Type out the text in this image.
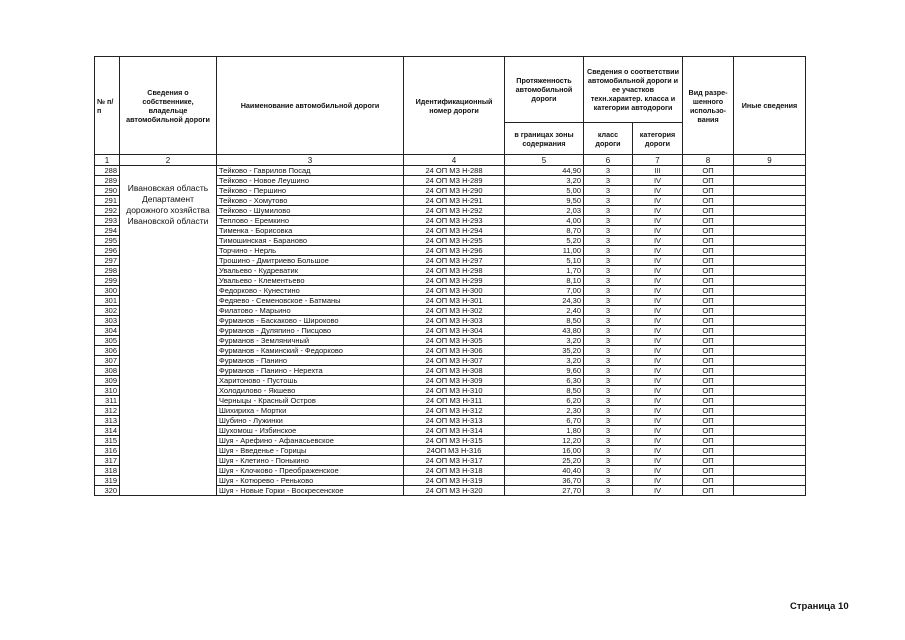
№ п/п	Сведения о собственнике, владельце автомобильной дороги	Наименование автомобильной дороги	Идентификационный номер дороги	Протяженность автомобильной дороги	Сведения о соответствии автомобильной дороги и ее участков техн.характер. класса и категории автодороги		Вид разре-шенного использо-вания	Иные сведения
				в границах зоны содержания	класс дороги	категория дороги		
1	2	3	4	5	6	7	8	9
288	Ивановская область Департамент дорожного хозяйства Ивановской области	Тейково - Гаврилов Посад	24 ОП МЗ Н-288	44,90	3	III	ОП	
289		Тейково - Новое Леушино	24 ОП МЗ Н-289	3,20	3	IV	ОП	
290		Тейково - Першино	24 ОП МЗ Н-290	5,00	3	IV	ОП	
291		Тейково - Хомутово	24 ОП МЗ Н-291	9,50	3	IV	ОП	
292		Тейково - Шумилово	24 ОП МЗ Н-292	2,03	3	IV	ОП	
293		Теплово - Еремкино	24 ОП МЗ Н-293	4,00	3	IV	ОП	
294		Тименка - Борисовка	24 ОП МЗ Н-294	8,70	3	IV	ОП	
295		Тимошинская - Бараново	24 ОП МЗ Н-295	5,20	3	IV	ОП	
296		Торчино - Нерль	24 ОП МЗ Н-296	11,00	3	IV	ОП	
297		Трошино - Дмитриево Большое	24 ОП МЗ Н-297	5,10	3	IV	ОП	
298		Увальево - Кудреватик	24 ОП МЗ Н-298	1,70	3	IV	ОП	
299		Увальево - Клементьево	24 ОП МЗ Н-299	8,10	3	IV	ОП	
300		Федорково - Кунестино	24 ОП МЗ Н-300	7,00	3	IV	ОП	
301		Федяево - Семеновское - Батманы	24 ОП МЗ Н-301	24,30	3	IV	ОП	
302		Филатово - Марьино	24 ОП МЗ Н-302	2,40	3	IV	ОП	
303		Фурманов - Баскаково - Широково	24 ОП МЗ Н-303	8,50	3	IV	ОП	
304		Фурманов - Дуляпино - Писцово	24 ОП МЗ Н-304	43,80	3	IV	ОП	
305		Фурманов - Земляничный	24 ОП МЗ Н-305	3,20	3	IV	ОП	
306		Фурманов - Каминский - Федорково	24 ОП МЗ Н-306	35,20	3	IV	ОП	
307		Фурманов - Панино	24 ОП МЗ Н-307	3,20	3	IV	ОП	
308		Фурманов - Панино - Нерехта	24 ОП МЗ Н-308	9,60	3	IV	ОП	
309		Харитоново - Пустошь	24 ОП МЗ Н-309	6,30	3	IV	ОП	
310		Холодилово - Якшево	24 ОП МЗ Н-310	8,50	3	IV	ОП	
311		Черныцы - Красный Остров	24 ОП МЗ Н-311	6,20	3	IV	ОП	
312		Шихириха - Мортки	24 ОП МЗ Н-312	2,30	3	IV	ОП	
313		Шубино - Лужинки	24 ОП МЗ Н-313	6,70	3	IV	ОП	
314		Шухомош - Избинское	24 ОП МЗ Н-314	1,80	3	IV	ОП	
315		Шуя - Арефино - Афанасьевское	24 ОП МЗ Н-315	12,20	3	IV	ОП	
316		Шуя - Введенье - Горицы	24ОП МЗ Н-316	16,00	3	IV	ОП	
317		Шуя - Клетино - Понькино	24 ОП МЗ Н-317	25,20	3	IV	ОП	
318		Шуя - Клочково - Преображенское	24 ОП МЗ Н-318	40,40	3	IV	ОП	
319		Шуя - Котюрево - Реньково	24 ОП МЗ Н-319	36,70	3	IV	ОП	
320		Шуя - Новые Горки - Воскресенское	24 ОП МЗ Н-320	27,70	3	IV	ОП	
Страница 10
